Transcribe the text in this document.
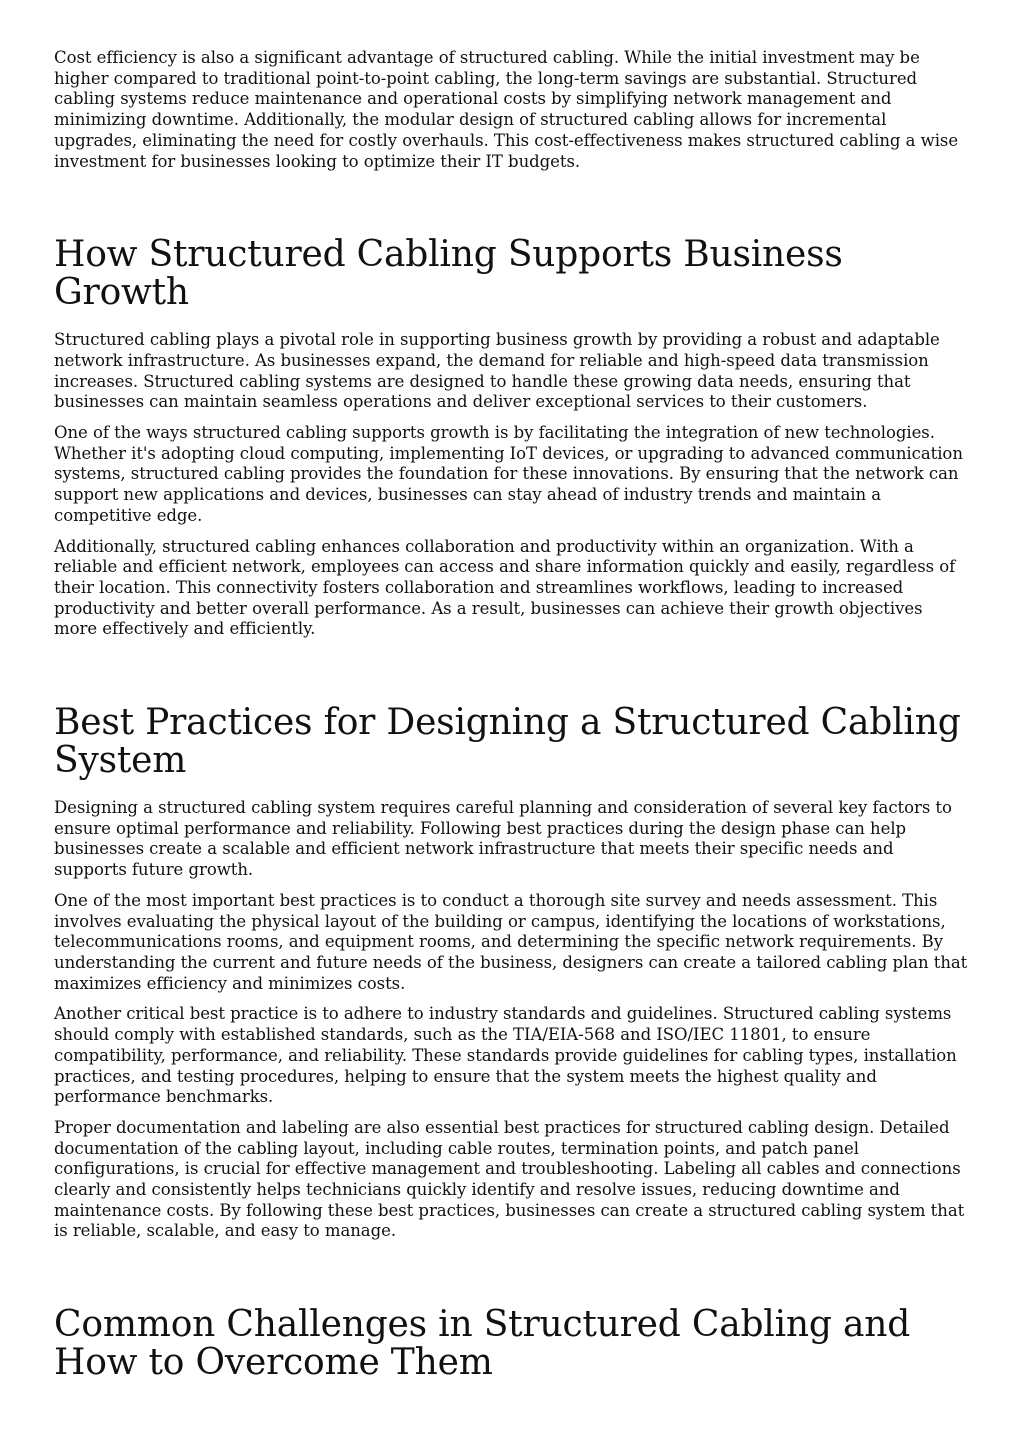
Cost efficiency is also a significant advantage of structured cabling. While the initial investment may be higher compared to traditional point-to-point cabling, the long-term savings are substantial. Structured cabling systems reduce maintenance and operational costs by simplifying network management and minimizing downtime. Additionally, the modular design of structured cabling allows for incremental upgrades, eliminating the need for costly overhauls. This cost-effectiveness makes structured cabling a wise investment for businesses looking to optimize their IT budgets.

How Structured Cabling Supports Business Growth

Structured cabling plays a pivotal role in supporting business growth by providing a robust and adaptable network infrastructure. As businesses expand, the demand for reliable and high-speed data transmission increases. Structured cabling systems are designed to handle these growing data needs, ensuring that businesses can maintain seamless operations and deliver exceptional services to their customers.

One of the ways structured cabling supports growth is by facilitating the integration of new technologies. Whether it's adopting cloud computing, implementing IoT devices, or upgrading to advanced communication systems, structured cabling provides the foundation for these innovations. By ensuring that the network can support new applications and devices, businesses can stay ahead of industry trends and maintain a competitive edge.

Additionally, structured cabling enhances collaboration and productivity within an organization. With a reliable and efficient network, employees can access and share information quickly and easily, regardless of their location. This connectivity fosters collaboration and streamlines workflows, leading to increased productivity and better overall performance. As a result, businesses can achieve their growth objectives more effectively and efficiently.

Best Practices for Designing a Structured Cabling System

Designing a structured cabling system requires careful planning and consideration of several key factors to ensure optimal performance and reliability. Following best practices during the design phase can help businesses create a scalable and efficient network infrastructure that meets their specific needs and supports future growth.

One of the most important best practices is to conduct a thorough site survey and needs assessment. This involves evaluating the physical layout of the building or campus, identifying the locations of workstations, telecommunications rooms, and equipment rooms, and determining the specific network requirements. By understanding the current and future needs of the business, designers can create a tailored cabling plan that maximizes efficiency and minimizes costs.

Another critical best practice is to adhere to industry standards and guidelines. Structured cabling systems should comply with established standards, such as the TIA/EIA-568 and ISO/IEC 11801, to ensure compatibility, performance, and reliability. These standards provide guidelines for cabling types, installation practices, and testing procedures, helping to ensure that the system meets the highest quality and performance benchmarks.

Proper documentation and labeling are also essential best practices for structured cabling design. Detailed documentation of the cabling layout, including cable routes, termination points, and patch panel configurations, is crucial for effective management and troubleshooting. Labeling all cables and connections clearly and consistently helps technicians quickly identify and resolve issues, reducing downtime and maintenance costs. By following these best practices, businesses can create a structured cabling system that is reliable, scalable, and easy to manage.

Common Challenges in Structured Cabling and How to Overcome Them
